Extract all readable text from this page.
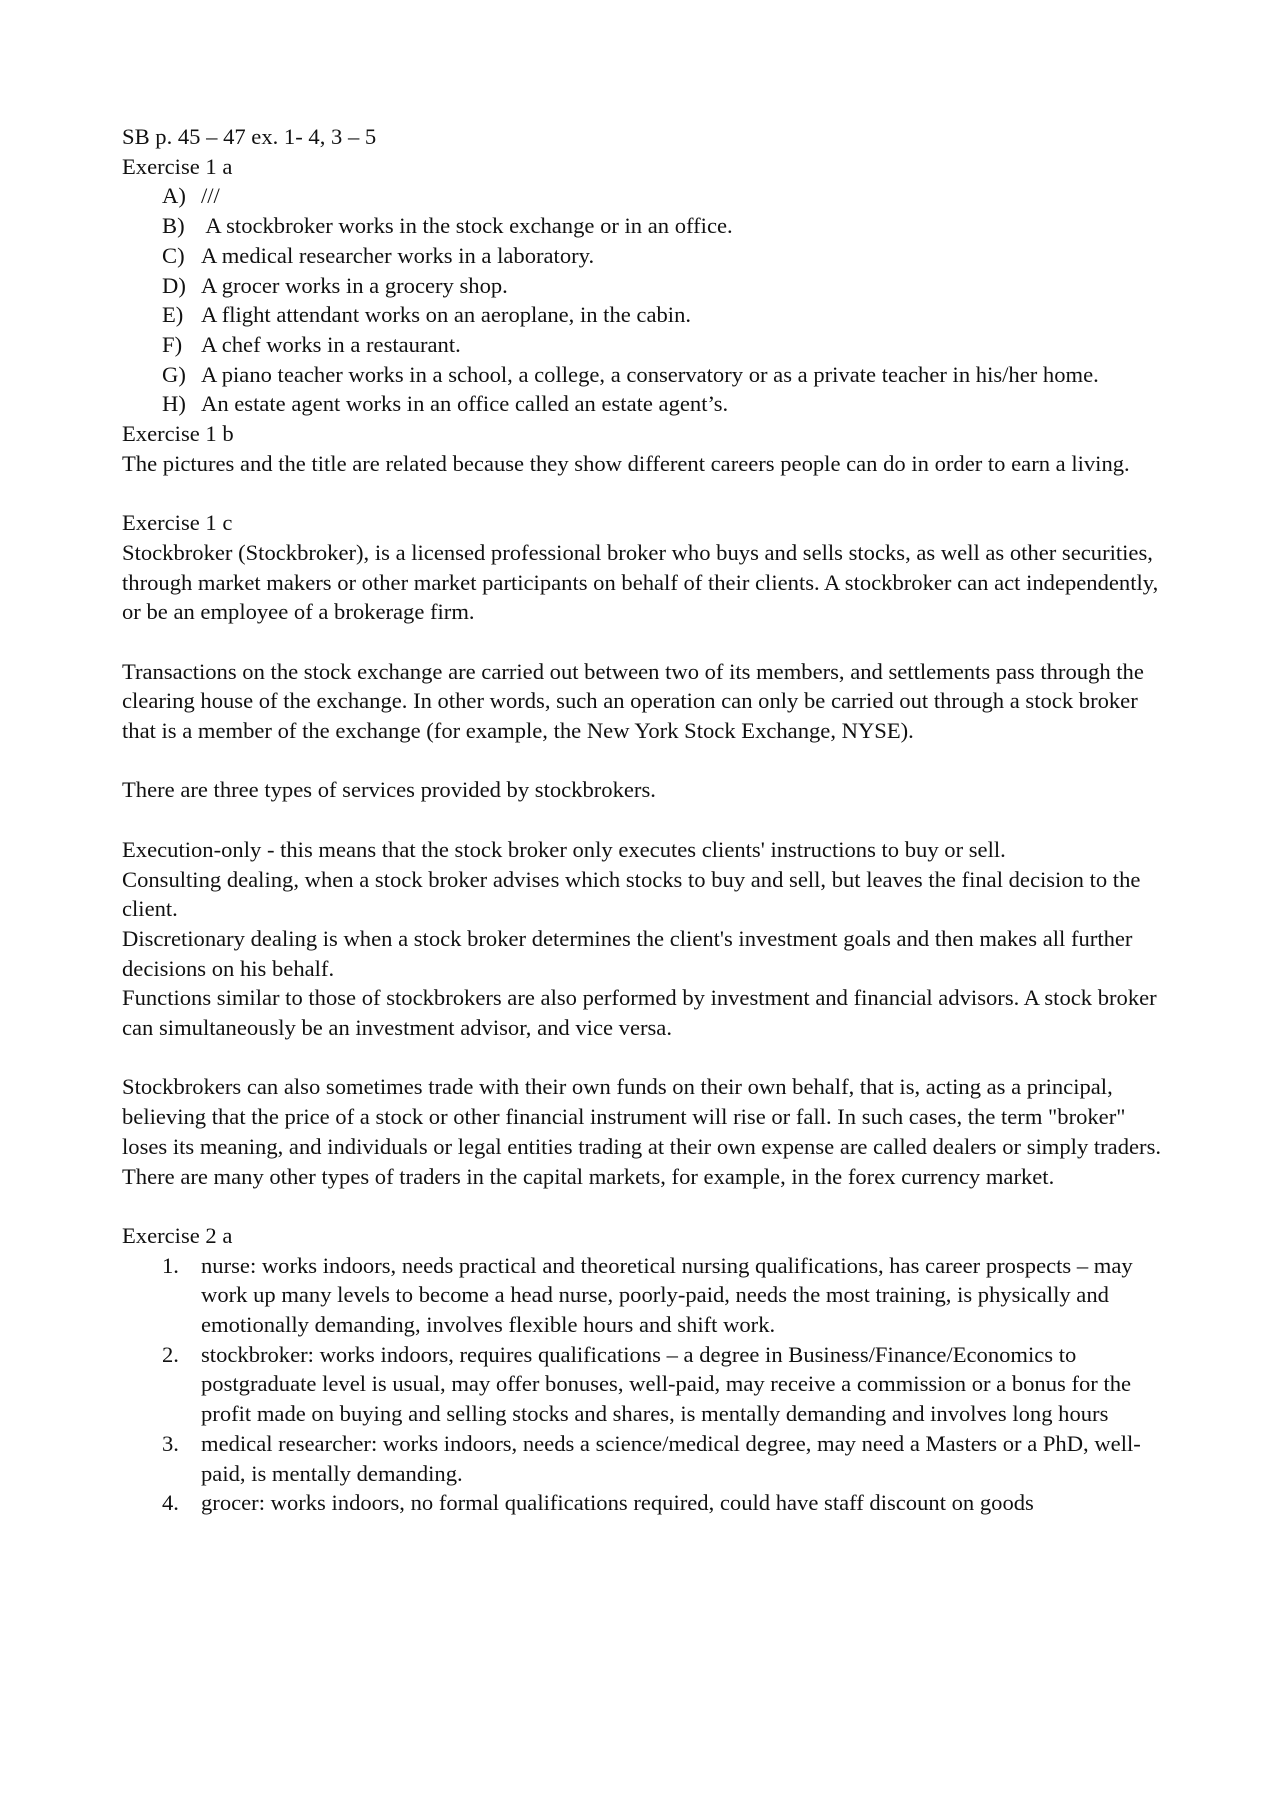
SB p. 45 – 47 ex. 1- 4, 3 – 5

Exercise 1 a

A) ///
B) A stockbroker works in the stock exchange or in an office.
C) A medical researcher works in a laboratory.
D) A grocer works in a grocery shop.
E) A flight attendant works on an aeroplane, in the cabin.
F) A chef works in a restaurant.
G) A piano teacher works in a school, a college, a conservatory or as a private teacher in his/her home.
H) An estate agent works in an office called an estate agent’s.

Exercise 1 b

The pictures and the title are related because they show different careers people can do in order to earn a living.

Exercise 1 c

Stockbroker (Stockbroker), is a licensed professional broker who buys and sells stocks, as well as other securities, through market makers or other market participants on behalf of their clients. A stockbroker can act independently, or be an employee of a brokerage firm.

Transactions on the stock exchange are carried out between two of its members, and settlements pass through the clearing house of the exchange. In other words, such an operation can only be carried out through a stock broker that is a member of the exchange (for example, the New York Stock Exchange, NYSE).

There are three types of services provided by stockbrokers.

Execution-only - this means that the stock broker only executes clients' instructions to buy or sell.

Consulting dealing, when a stock broker advises which stocks to buy and sell, but leaves the final decision to the client.

Discretionary dealing is when a stock broker determines the client's investment goals and then makes all further decisions on his behalf.

Functions similar to those of stockbrokers are also performed by investment and financial advisors. A stock broker can simultaneously be an investment advisor, and vice versa.

Stockbrokers can also sometimes trade with their own funds on their own behalf, that is, acting as a principal, believing that the price of a stock or other financial instrument will rise or fall. In such cases, the term "broker" loses its meaning, and individuals or legal entities trading at their own expense are called dealers or simply traders. There are many other types of traders in the capital markets, for example, in the forex currency market.

Exercise 2 a

1. nurse: works indoors, needs practical and theoretical nursing qualifications, has career prospects – may work up many levels to become a head nurse, poorly-paid, needs the most training, is physically and emotionally demanding, involves flexible hours and shift work.
2. stockbroker: works indoors, requires qualifications – a degree in Business/Finance/Economics to postgraduate level is usual, may offer bonuses, well-paid, may receive a commission or a bonus for the profit made on buying and selling stocks and shares, is mentally demanding and involves long hours
3. medical researcher: works indoors, needs a science/medical degree, may need a Masters or a PhD, well-paid, is mentally demanding.
4. grocer: works indoors, no formal qualifications required, could have staff discount on goods
